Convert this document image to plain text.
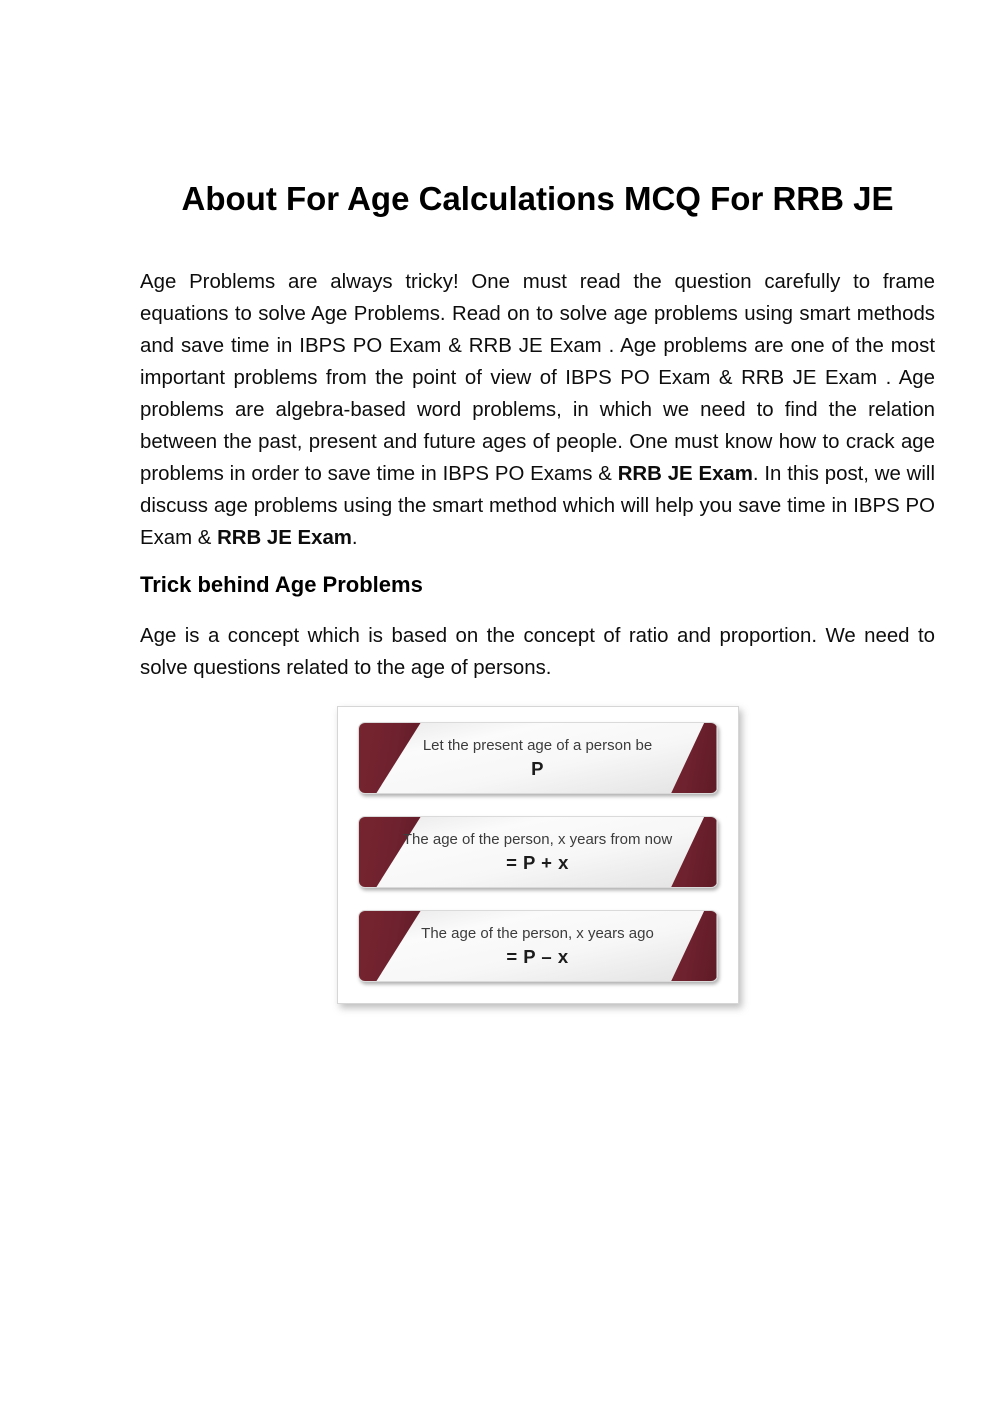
About For Age Calculations MCQ For RRB JE

Age Problems are always tricky! One must read the question carefully to frame equations to solve Age Problems. Read on to solve age problems using smart methods and save time in IBPS PO Exam & RRB JE Exam . Age problems are one of the most important problems from the point of view of IBPS PO Exam & RRB JE Exam . Age problems are algebra-based word problems, in which we need to find the relation between the past, present and future ages of people. One must know how to crack age problems in order to save time in IBPS PO Exams & RRB JE Exam. In this post, we will discuss age problems using the smart method which will help you save time in IBPS PO Exam & RRB JE Exam.

Trick behind Age Problems

Age is a concept which is based on the concept of ratio and proportion. We need to solve questions related to the age of persons.

Let the present age of a person be
P
The age of the person, x years from now
= P + x
The age of the person, x years ago
= P – x
